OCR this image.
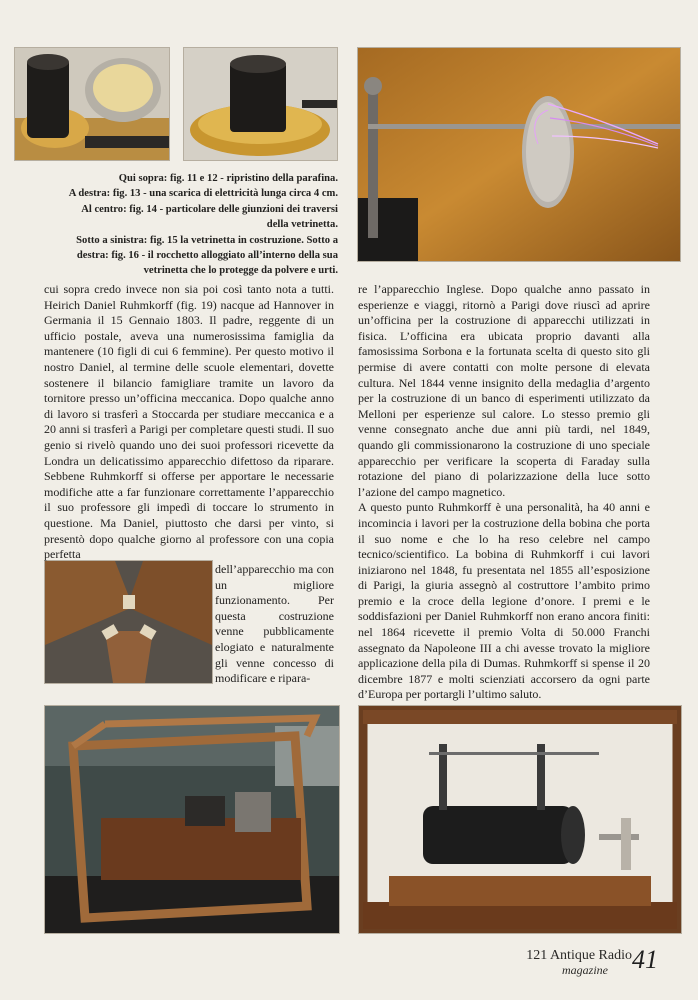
Qui sopra: fig. 11 e 12 - ripristino della parafina.
A destra: fig. 13 - una scarica di elettricità lunga circa 4 cm.
Al centro: fig. 14 - particolare delle giunzioni dei traversi
della vetrinetta.
Sotto a sinistra: fig. 15 la vetrinetta in costruzione. Sotto a
destra: fig. 16 - il rocchetto alloggiato all’interno della sua
vetrinetta che lo protegge da polvere e urti.

cui sopra credo invece non sia poi così tanto nota a tutti. Heirich Daniel Ruhmkorff (fig. 19) nacque ad Hannover in Germania il 15 Gennaio 1803. Il padre, reggente di un ufficio postale, aveva una numerosissima famiglia da mantenere (10 figli di cui 6 femmine). Per questo motivo il nostro Daniel, al termine delle scuole elementari, dovette sostenere il bilancio famigliare tramite un lavoro da tornitore presso un’officina meccanica. Dopo qualche anno di lavoro si trasferì a Stoccarda per studiare meccanica e a 20 anni si trasferì a Parigi per completare questi studi. Il suo genio si rivelò quando uno dei suoi professori ricevette da Londra un delicatissimo apparecchio difettoso da riparare. Sebbene Ruhmkorff si offerse per apportare le necessarie modifiche atte a far funzionare correttamente l’apparecchio il suo professore gli impedì di toccare lo strumento in questione. Ma Daniel, piuttosto che darsi per vinto, si presentò dopo qualche giorno al professore con una copia perfetta

dell’apparecchio ma con un migliore funzionamento. Per questa costruzione venne pubblicamente elogiato e naturalmente gli venne concesso di modificare e ripara-

re l’apparecchio Inglese. Dopo qualche anno passato in esperienze e viaggi, ritornò a Parigi dove riuscì ad aprire un’officina per la costruzione di apparecchi utilizzati in fisica. L’officina era ubicata proprio davanti alla famosissima Sorbona e la fortunata scelta di questo sito gli permise di avere contatti con molte persone di elevata cultura. Nel 1844 venne insignito della medaglia d’argento per la costruzione di un banco di esperimenti utilizzato da Melloni per esperienze sul calore. Lo stesso premio gli venne consegnato anche due anni più tardi, nel 1849, quando gli commissionarono la costruzione di uno speciale apparecchio per verificare la scoperta di Faraday sulla rotazione del piano di polarizzazione della luce sotto l’azione del campo magnetico.

A questo punto Ruhmkorff è una personalità, ha 40 anni e incomincia i lavori per la costruzione della bobina che porta il suo nome e che lo ha reso celebre nel campo tecnico/scientifico. La bobina di Ruhmkorff i cui lavori iniziarono nel 1848, fu presentata nel 1855 all’esposizione di Parigi, la giuria assegnò al costruttore l’ambito primo premio e la croce della legione d’onore. I premi e le soddisfazioni per Daniel Ruhmkorff non erano ancora finiti: nel 1864 ricevette il premio Volta di 50.000 Franchi assegnato da Napoleone III a chi avesse trovato la migliore applicazione della pila di Dumas. Ruhmkorff si spense il 20 dicembre 1877 e molti scienziati accorsero da ogni parte d’Europa per portargli l’ultimo saluto.

121 Antique Radio
magazine 41
